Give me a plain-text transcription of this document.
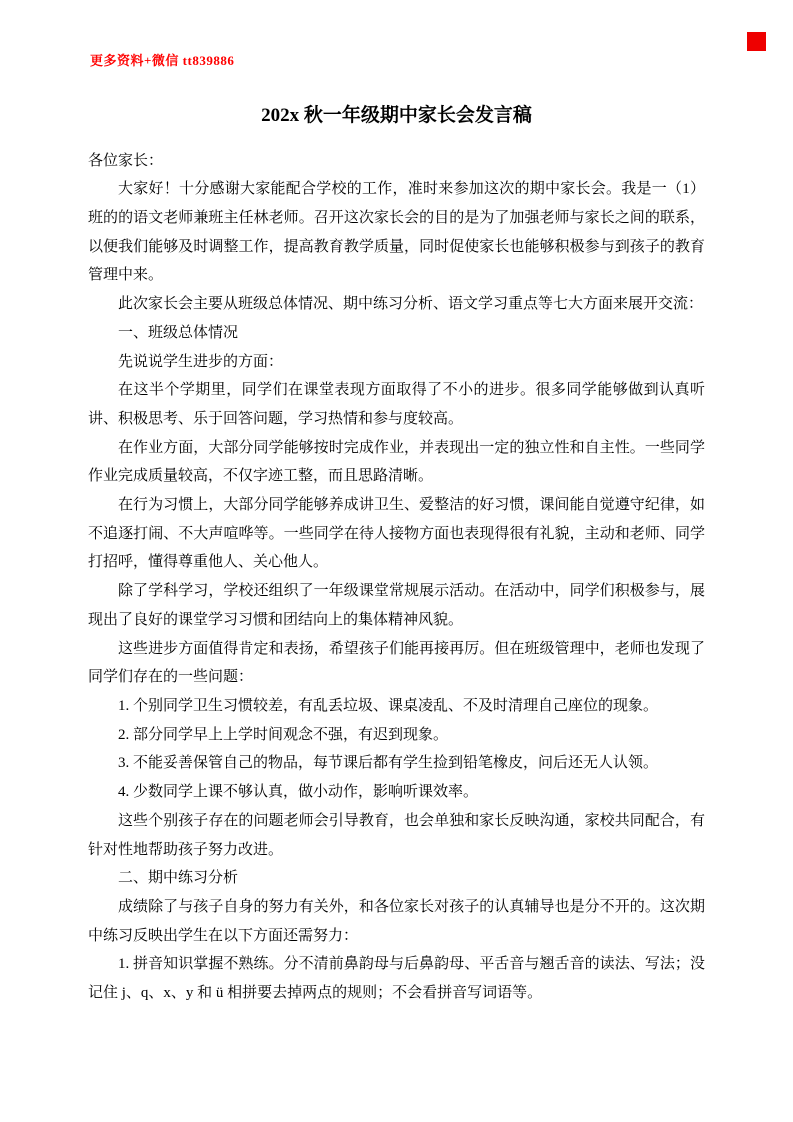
更多资料+微信 tt839886
202x 秋一年级期中家长会发言稿

各位家长：

大家好！十分感谢大家能配合学校的工作，准时来参加这次的期中家长会。我是一（1）班的的语文老师兼班主任林老师。召开这次家长会的目的是为了加强老师与家长之间的联系，以便我们能够及时调整工作，提高教育教学质量，同时促使家长也能够积极参与到孩子的教育管理中来。

此次家长会主要从班级总体情况、期中练习分析、语文学习重点等七大方面来展开交流：

一、班级总体情况

先说说学生进步的方面：

在这半个学期里，同学们在课堂表现方面取得了不小的进步。很多同学能够做到认真听讲、积极思考、乐于回答问题，学习热情和参与度较高。

在作业方面，大部分同学能够按时完成作业，并表现出一定的独立性和自主性。一些同学作业完成质量较高，不仅字迹工整，而且思路清晰。

在行为习惯上，大部分同学能够养成讲卫生、爱整洁的好习惯，课间能自觉遵守纪律，如不追逐打闹、不大声喧哗等。一些同学在待人接物方面也表现得很有礼貌，主动和老师、同学打招呼，懂得尊重他人、关心他人。

除了学科学习，学校还组织了一年级课堂常规展示活动。在活动中，同学们积极参与，展现出了良好的课堂学习习惯和团结向上的集体精神风貌。

这些进步方面值得肯定和表扬，希望孩子们能再接再厉。但在班级管理中，老师也发现了同学们存在的一些问题：

1. 个别同学卫生习惯较差，有乱丢垃圾、课桌凌乱、不及时清理自己座位的现象。

2. 部分同学早上上学时间观念不强，有迟到现象。

3. 不能妥善保管自己的物品，每节课后都有学生捡到铅笔橡皮，问后还无人认领。

4. 少数同学上课不够认真，做小动作，影响听课效率。

这些个别孩子存在的问题老师会引导教育，也会单独和家长反映沟通，家校共同配合，有针对性地帮助孩子努力改进。

二、期中练习分析

成绩除了与孩子自身的努力有关外，和各位家长对孩子的认真辅导也是分不开的。这次期中练习反映出学生在以下方面还需努力：

1. 拼音知识掌握不熟练。分不清前鼻韵母与后鼻韵母、平舌音与翘舌音的读法、写法；没记住 j、q、x、y 和 ü 相拼要去掉两点的规则；不会看拼音写词语等。
